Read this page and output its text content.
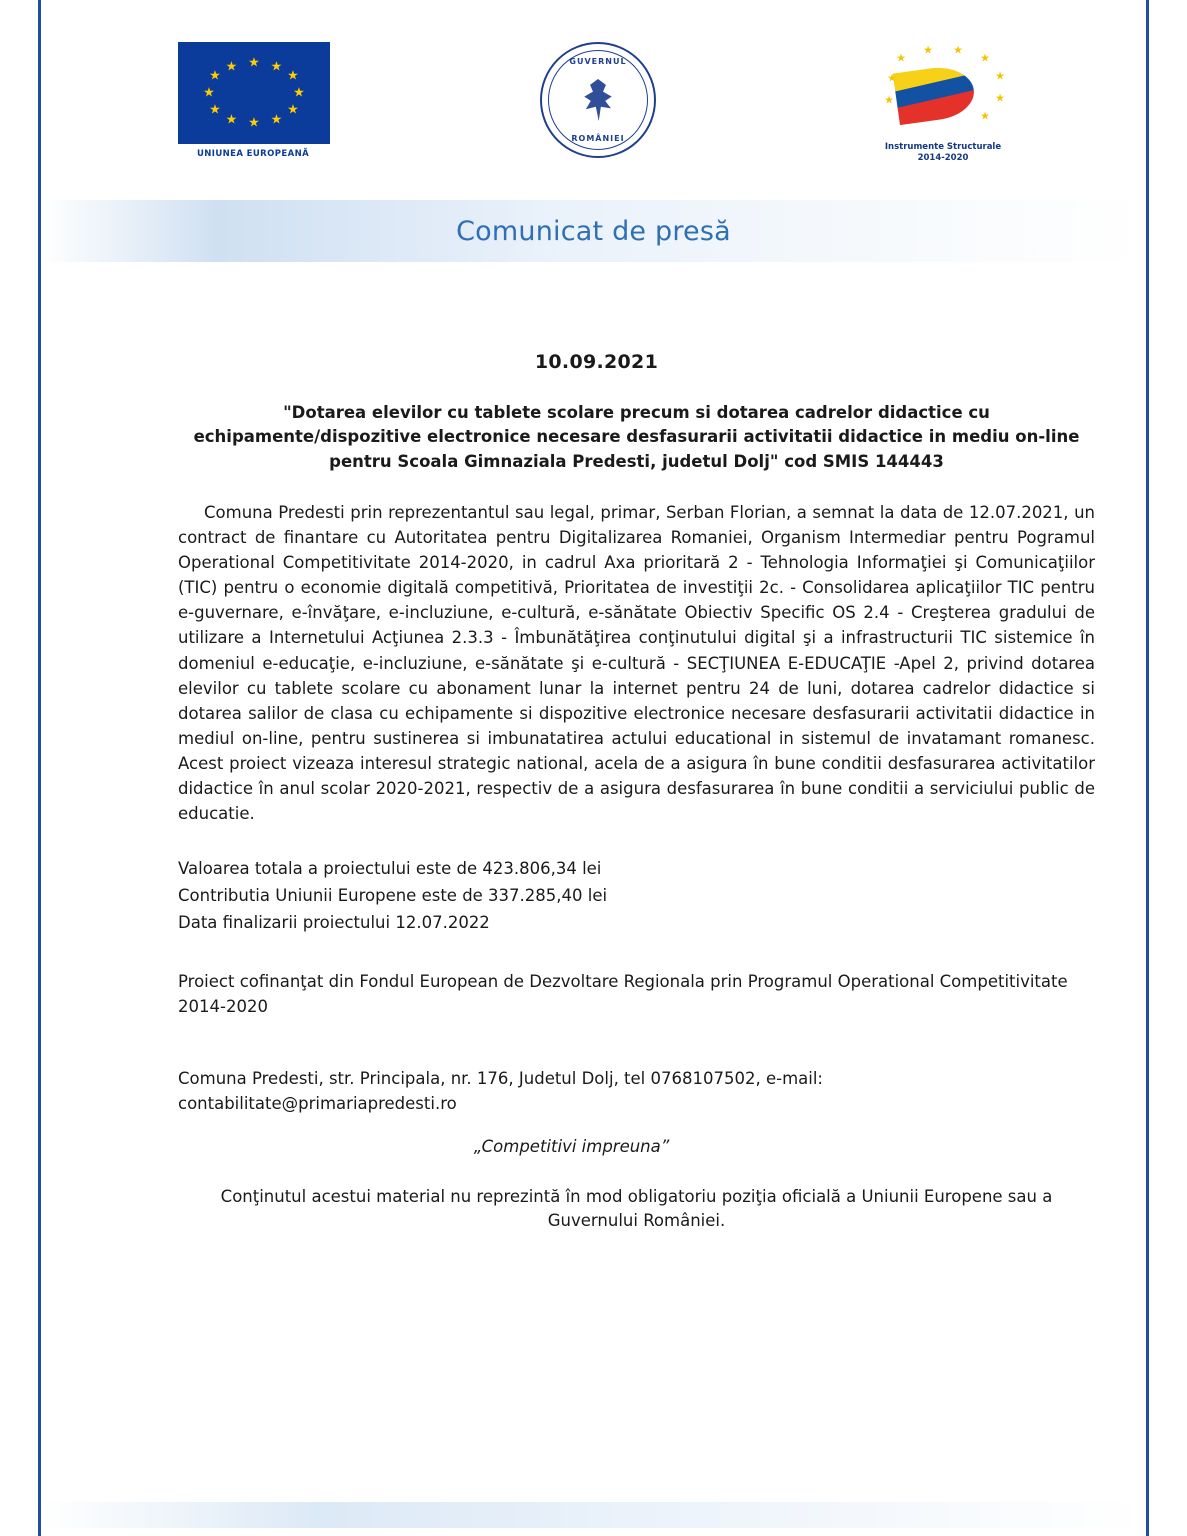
★ ★
★
★
★
★
★
★
★
★
★
★
UNIUNEA EUROPEANĂ
GUVERNUL
ROMÂNIEI
★
★ ★
★
★
★
★
★
★
Instrumente Structurale
2014-2020
Comunicat de presă
10.09.2021
"Dotarea elevilor cu tablete scolare precum si dotarea cadrelor didactice cu echipamente/dispozitive electronice necesare desfasurarii activitatii didactice in mediu on-line pentru Scoala Gimnaziala Predesti, judetul Dolj" cod SMIS 144443

Comuna Predesti prin reprezentantul sau legal, primar, Serban Florian, a semnat la data de 12.07.2021, un contract de finantare cu Autoritatea pentru Digitalizarea Romaniei, Organism Intermediar pentru Pogramul Operational Competitivitate 2014-2020, in cadrul Axa prioritară 2 - Tehnologia Informaţiei şi Comunicaţiilor (TIC) pentru o economie digitală competitivă, Prioritatea de investiţii 2c. - Consolidarea aplicaţiilor TIC pentru e-guvernare, e-învăţare, e-incluziune, e-cultură, e-sănătate Obiectiv Specific OS 2.4 - Creşterea gradului de utilizare a Internetului Acţiunea 2.3.3 - Îmbunătăţirea conţinutului digital şi a infrastructurii TIC sistemice în domeniul e-educaţie, e-incluziune, e-sănătate şi e-cultură - SECŢIUNEA E-EDUCAŢIE -Apel 2, privind dotarea elevilor cu tablete scolare cu abonament lunar la internet pentru 24 de luni, dotarea cadrelor didactice si dotarea salilor de clasa cu echipamente si dispozitive electronice necesare desfasurarii activitatii didactice in mediul on-line, pentru sustinerea si imbunatatirea actului educational in sistemul de invatamant romanesc. Acest proiect vizeaza interesul strategic national, acela de a asigura în bune conditii desfasurarea activitatilor didactice în anul scolar 2020-2021, respectiv de a asigura desfasurarea în bune conditii a serviciului public de educatie.

Valoarea totala a proiectului este de 423.806,34 lei
Contributia Uniunii Europene este de 337.285,40 lei
Data finalizarii proiectului 12.07.2022

Proiect cofinanţat din Fondul European de Dezvoltare Regionala prin Programul Operational Competitivitate 2014-2020

Comuna Predesti, str. Principala, nr. 176, Judetul Dolj, tel 0768107502, e-mail: contabilitate@primariapredesti.ro

„Competitivi impreuna”

Conţinutul acestui material nu reprezintă în mod obligatoriu poziţia oficială a Uniunii Europene sau a Guvernului României.
